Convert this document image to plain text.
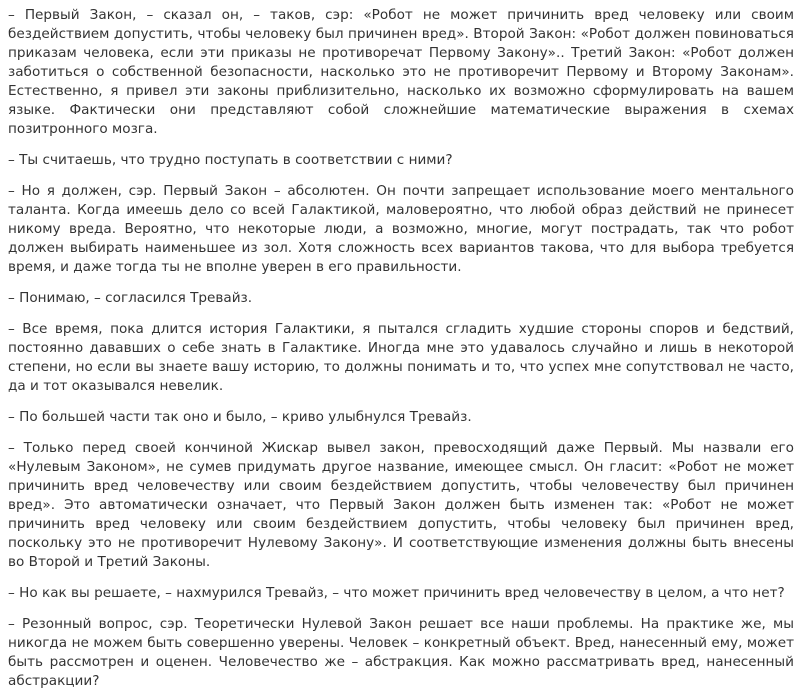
– Первый Закон, – сказал он, – таков, сэр: «Робот не может причинить вред человеку или своим бездействием допустить, чтобы человеку был причинен вред». Второй Закон: «Робот должен повиноваться приказам человека, если эти приказы не противоречат Первому Закону».. Третий Закон: «Робот должен заботиться о собственной безопасности, насколько это не противоречит Первому и Второму Законам». Естественно, я привел эти законы приблизительно, насколько их возможно сформулировать на вашем языке. Фактически они представляют собой сложнейшие математические выражения в схемах позитронного мозга.

– Ты считаешь, что трудно поступать в соответствии с ними?

– Но я должен, сэр. Первый Закон – абсолютен. Он почти запрещает использование моего ментального таланта. Когда имеешь дело со всей Галактикой, маловероятно, что любой образ действий не принесет никому вреда. Вероятно, что некоторые люди, а возможно, многие, могут пострадать, так что робот должен выбирать наименьшее из зол. Хотя сложность всех вариантов такова, что для выбора требуется время, и даже тогда ты не вполне уверен в его правильности.

– Понимаю, – согласился Тревайз.

– Все время, пока длится история Галактики, я пытался сгладить худшие стороны споров и бедствий, постоянно дававших о себе знать в Галактике. Иногда мне это удавалось случайно и лишь в некоторой степени, но если вы знаете вашу историю, то должны понимать и то, что успех мне сопутствовал не часто, да и тот оказывался невелик.

– По большей части так оно и было, – криво улыбнулся Тревайз.

– Только перед своей кончиной Жискар вывел закон, превосходящий даже Первый. Мы назвали его «Нулевым Законом», не сумев придумать другое название, имеющее смысл. Он гласит: «Робот не может причинить вред человечеству или своим бездействием допустить, чтобы человечеству был причинен вред». Это автоматически означает, что Первый Закон должен быть изменен так: «Робот не может причинить вред человеку или своим бездействием допустить, чтобы человеку был причинен вред, поскольку это не противоречит Нулевому Закону». И соответствующие изменения должны быть внесены во Второй и Третий Законы.

– Но как вы решаете, – нахмурился Тревайз, – что может причинить вред человечеству в целом, а что нет?

– Резонный вопрос, сэр. Теоретически Нулевой Закон решает все наши проблемы. На практике же, мы никогда не можем быть совершенно уверены. Человек – конкретный объект. Вред, нанесенный ему, может быть рассмотрен и оценен. Человечество же – абстракция. Как можно рассматривать вред, нанесенный абстракции?
